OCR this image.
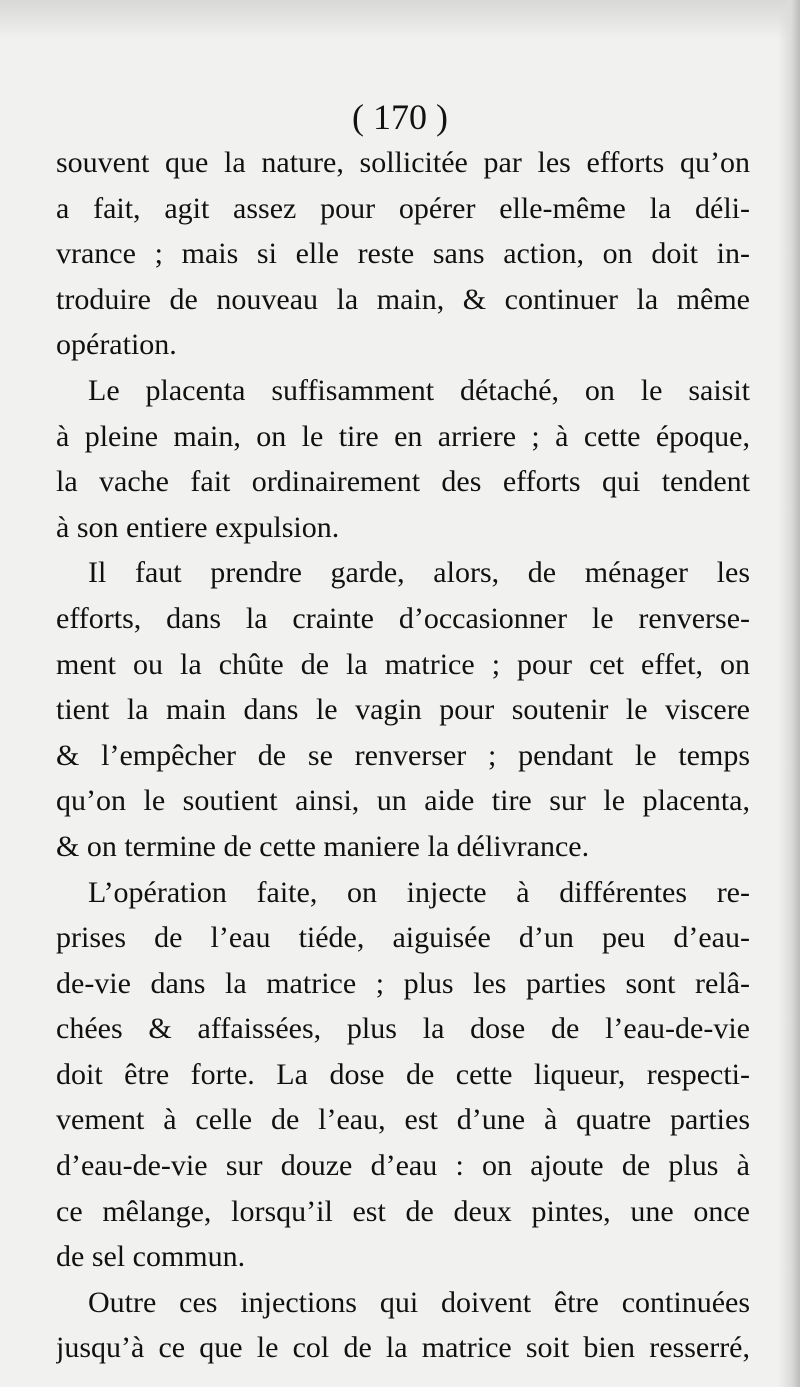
( 170 )
souvent que la nature, sollicitée par les efforts qu’on
a fait, agit assez pour opérer elle-même la déli-
vrance ; mais si elle reste sans action, on doit in-
troduire de nouveau la main, & continuer la même
opération.
Le placenta suffisamment détaché, on le saisit
à pleine main, on le tire en arriere ; à cette époque,
la vache fait ordinairement des efforts qui tendent
à son entiere expulsion.
Il faut prendre garde, alors, de ménager les
efforts, dans la crainte d’occasionner le renverse-
ment ou la chûte de la matrice ; pour cet effet, on
tient la main dans le vagin pour soutenir le viscere
& l’empêcher de se renverser ; pendant le temps
qu’on le soutient ainsi, un aide tire sur le placenta,
& on termine de cette maniere la délivrance.
L’opération faite, on injecte à différentes re-
prises de l’eau tiéde, aiguisée d’un peu d’eau-
de-vie dans la matrice ; plus les parties sont relâ-
chées & affaissées, plus la dose de l’eau-de-vie
doit être forte. La dose de cette liqueur, respecti-
vement à celle de l’eau, est d’une à quatre parties
d’eau-de-vie sur douze d’eau : on ajoute de plus à
ce mêlange, lorsqu’il est de deux pintes, une once
de sel commun.
Outre ces injections qui doivent être continuées
jusqu’à ce que le col de la matrice soit bien resserré,
